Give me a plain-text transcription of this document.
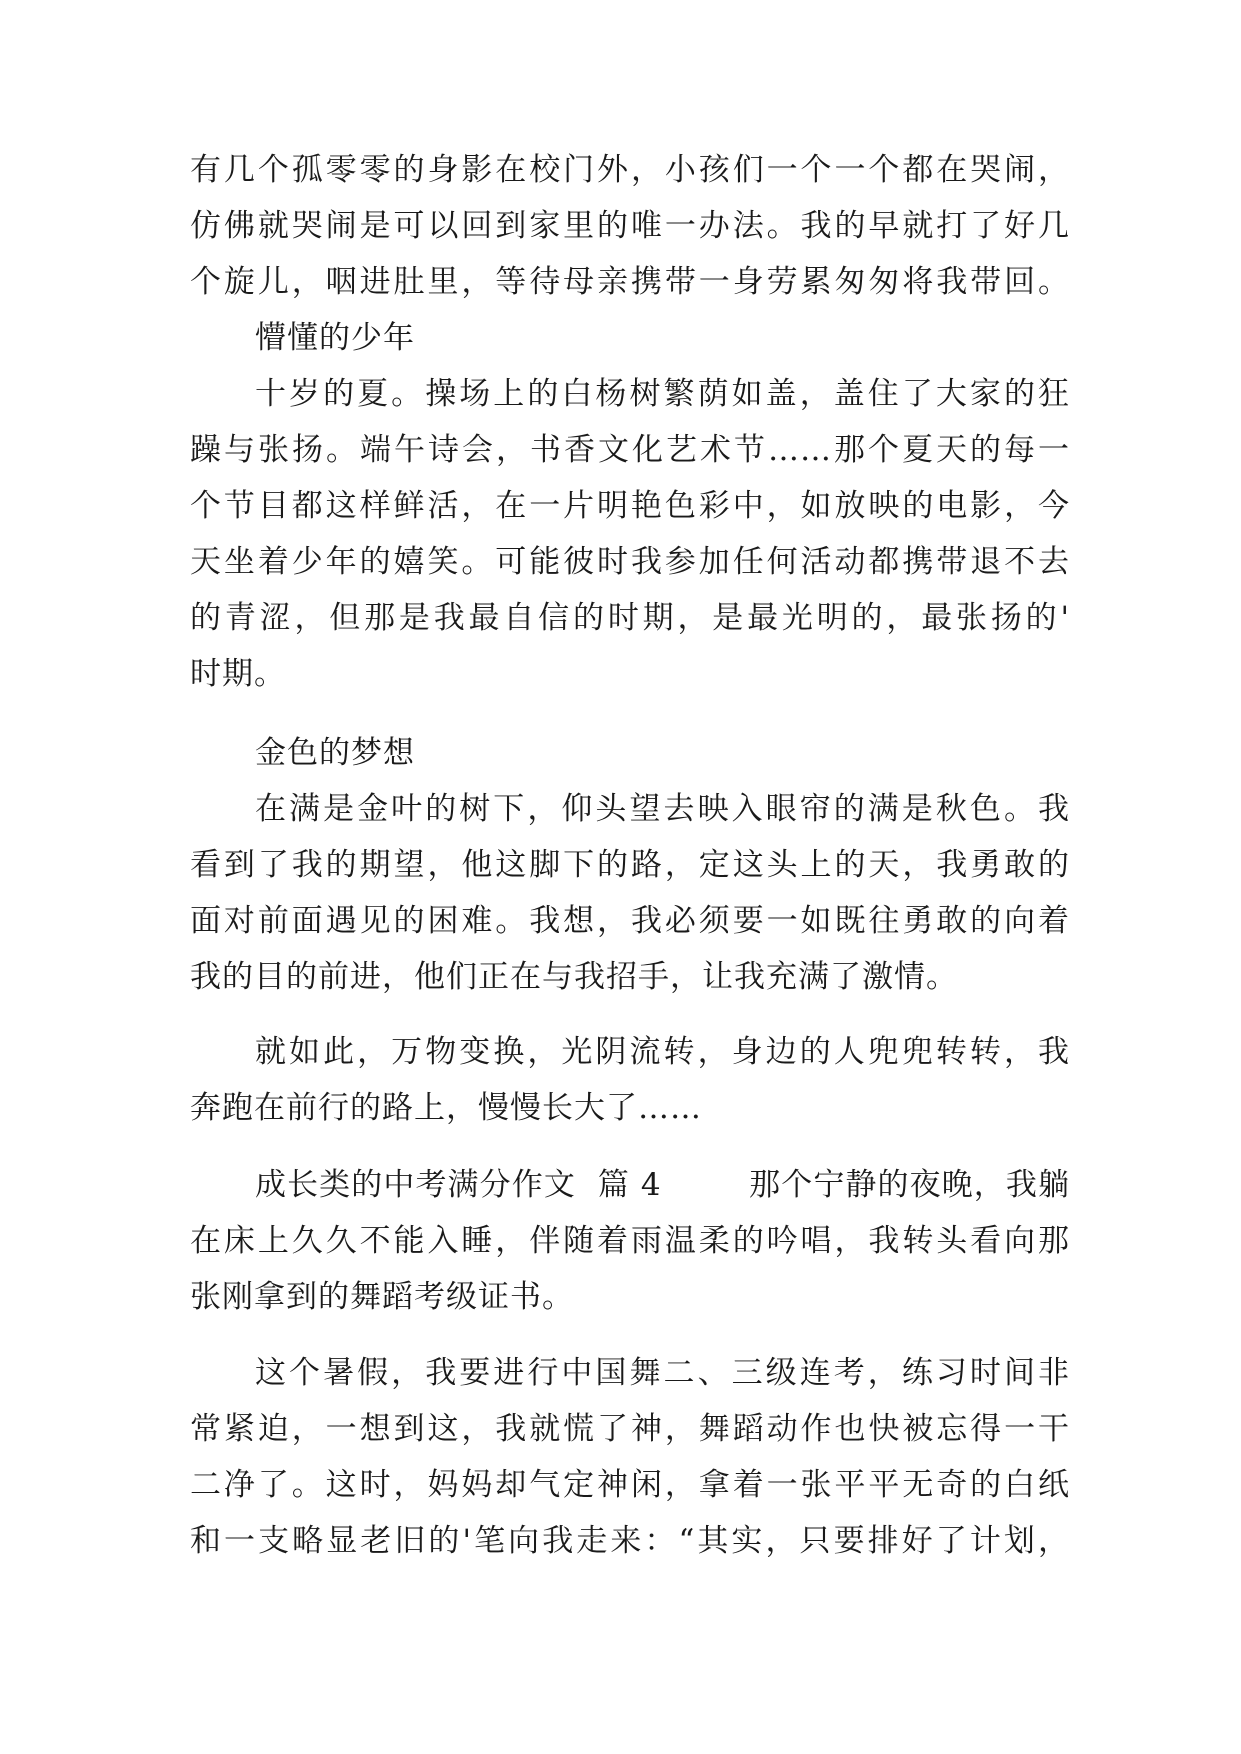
有几个孤零零的身影在校门外，小孩们一个一个都在哭闹，
仿佛就哭闹是可以回到家里的唯一办法。我的早就打了好几
个旋儿，咽进肚里，等待母亲携带一身劳累匆匆将我带回。
懵懂的少年
十岁的夏。操场上的白杨树繁荫如盖，盖住了大家的狂
躁与张扬。端午诗会，书香文化艺术节……那个夏天的每一
个节目都这样鲜活，在一片明艳色彩中，如放映的电影，今
天坐着少年的嬉笑。可能彼时我参加任何活动都携带退不去
的青涩，但那是我最自信的时期，是最光明的，最张扬的'
时期。
金色的梦想
在满是金叶的树下，仰头望去映入眼帘的满是秋色。我
看到了我的期望，他这脚下的路，定这头上的天，我勇敢的
面对前面遇见的困难。我想，我必须要一如既往勇敢的向着
我的目的前进，他们正在与我招手，让我充满了激情。
就如此，万物变换，光阴流转，身边的人兜兜转转，我
奔跑在前行的路上，慢慢长大了……
成长类的中考满分作文  篇 4        那个宁静的夜晚，我躺
在床上久久不能入睡，伴随着雨温柔的吟唱，我转头看向那
张刚拿到的舞蹈考级证书。
这个暑假，我要进行中国舞二、三级连考，练习时间非
常紧迫，一想到这，我就慌了神，舞蹈动作也快被忘得一干
二净了。这时，妈妈却气定神闲，拿着一张平平无奇的白纸
和一支略显老旧的'笔向我走来：“其实，只要排好了计划，
